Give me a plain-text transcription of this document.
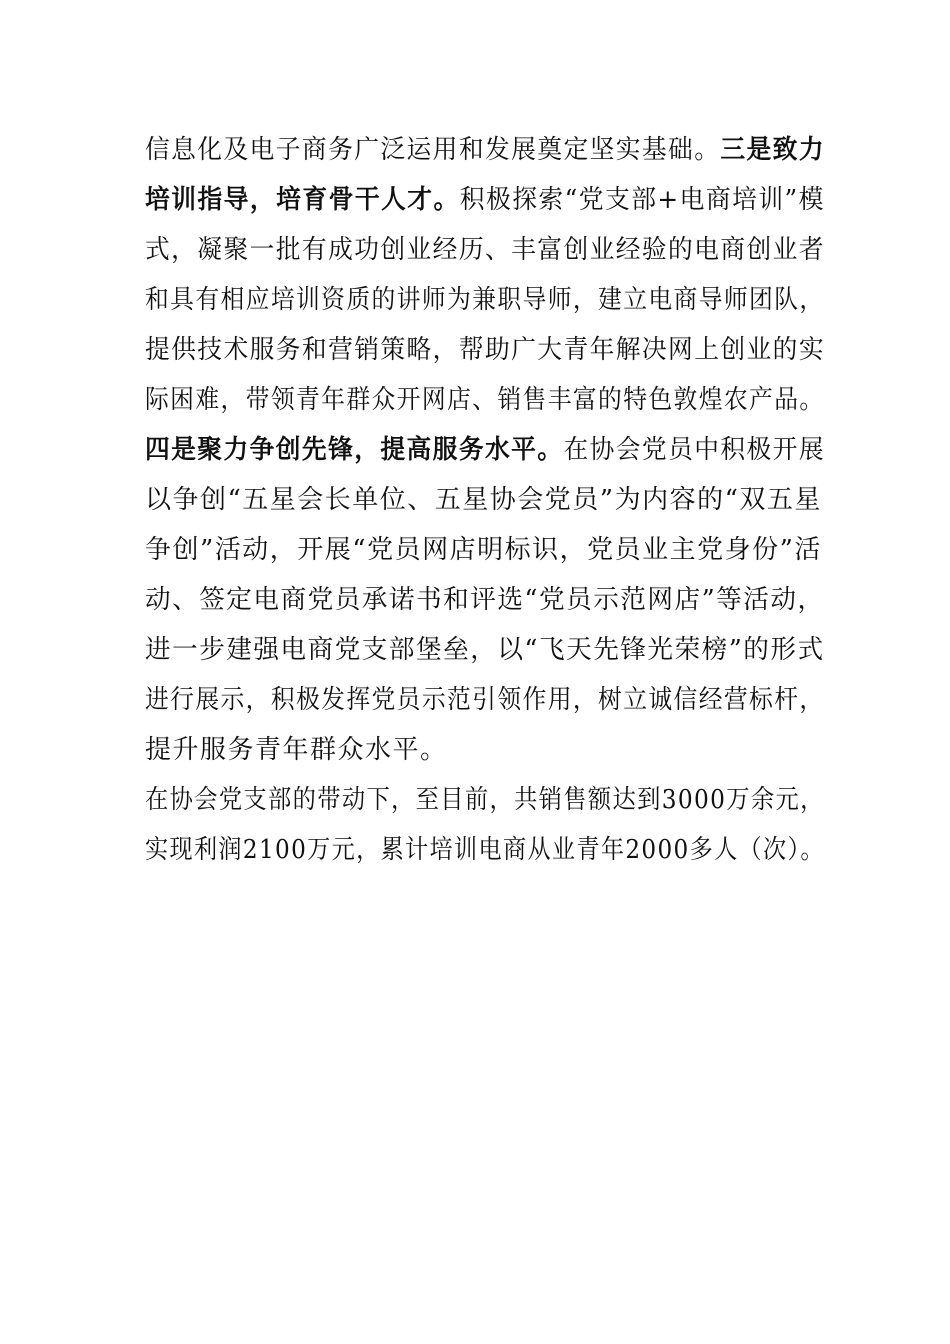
信息化及电子商务广泛运用和发展奠定坚实基础。三是致力
培训指导，培育骨干人才。积极探索“党支部+电商培训”模
式，凝聚一批有成功创业经历、丰富创业经验的电商创业者
和具有相应培训资质的讲师为兼职导师，建立电商导师团队，
提供技术服务和营销策略，帮助广大青年解决网上创业的实
际困难，带领青年群众开网店、销售丰富的特色敦煌农产品。
四是聚力争创先锋，提高服务水平。在协会党员中积极开展
以争创“五星会长单位、五星协会党员”为内容的“双五星
争创”活动，开展“党员网店明标识，党员业主党身份”活
动、签定电商党员承诺书和评选“党员示范网店”等活动，
进一步建强电商党支部堡垒，以“飞天先锋光荣榜”的形式
进行展示，积极发挥党员示范引领作用，树立诚信经营标杆，
提升服务青年群众水平。
在协会党支部的带动下，至目前，共销售额达到3000万余元，
实现利润2100万元，累计培训电商从业青年2000多人（次）。
